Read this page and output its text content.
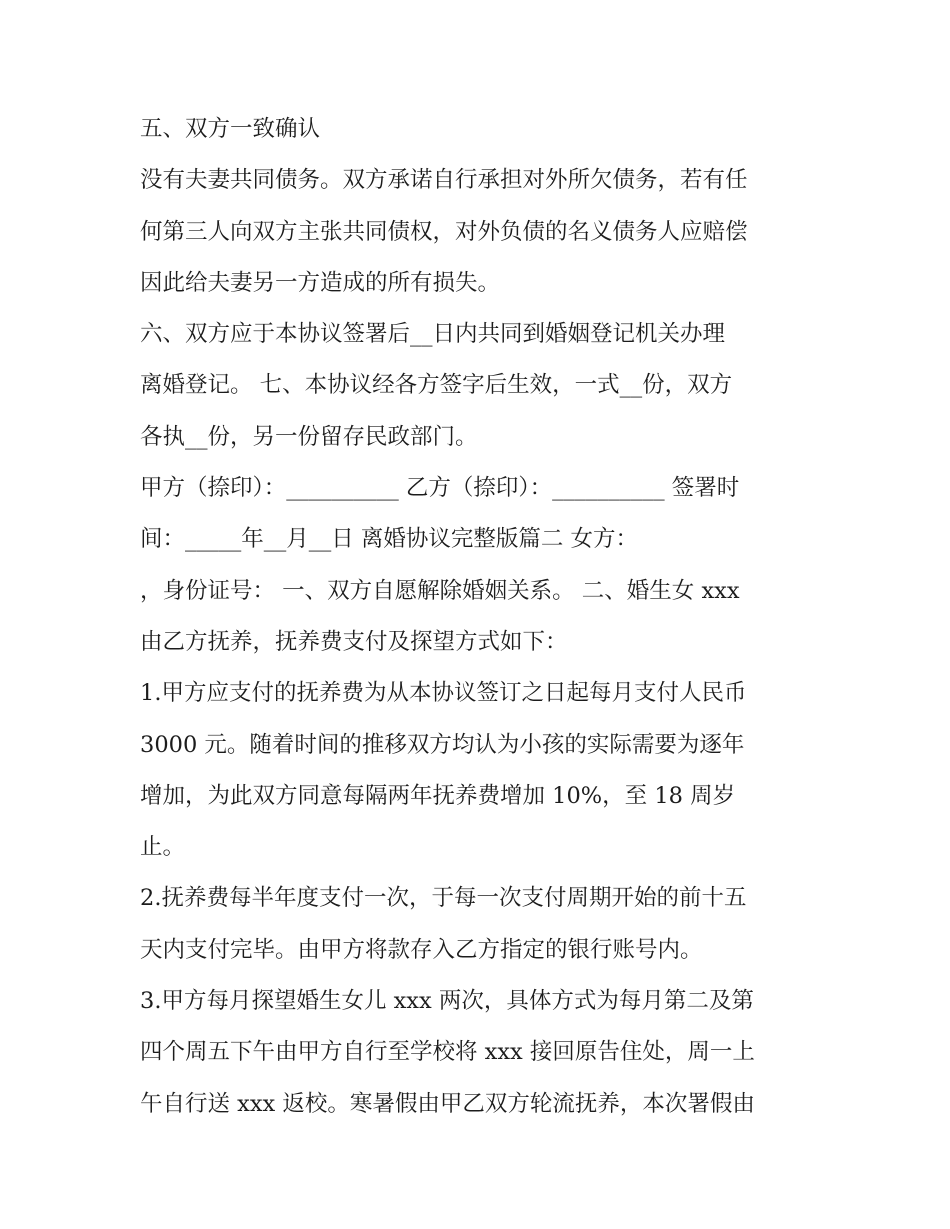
五、双方一致确认
没有夫妻共同债务。双方承诺自行承担对外所欠债务，若有任
何第三人向双方主张共同债权，对外负债的名义债务人应赔偿
因此给夫妻另一方造成的所有损失。
六、双方应于本协议签署后__日内共同到婚姻登记机关办理
离婚登记。 七、本协议经各方签字后生效，一式__份，双方
各执__份，另一份留存民政部门。
甲方（捺印）：__________ 乙方（捺印）：__________ 签署时
间：_____年__月__日 离婚协议完整版篇二 女方：
，身份证号： 一、双方自愿解除婚姻关系。 二、婚生女 xxx
由乙方抚养，抚养费支付及探望方式如下：
1.甲方应支付的抚养费为从本协议签订之日起每月支付人民币
3000 元。随着时间的推移双方均认为小孩的实际需要为逐年
增加，为此双方同意每隔两年抚养费增加 10%，至 18 周岁
止。
2.抚养费每半年度支付一次，于每一次支付周期开始的前十五
天内支付完毕。由甲方将款存入乙方指定的银行账号内。
3.甲方每月探望婚生女儿 xxx 两次，具体方式为每月第二及第
四个周五下午由甲方自行至学校将 xxx 接回原告住处，周一上
午自行送 xxx 返校。寒暑假由甲乙双方轮流抚养，本次署假由
